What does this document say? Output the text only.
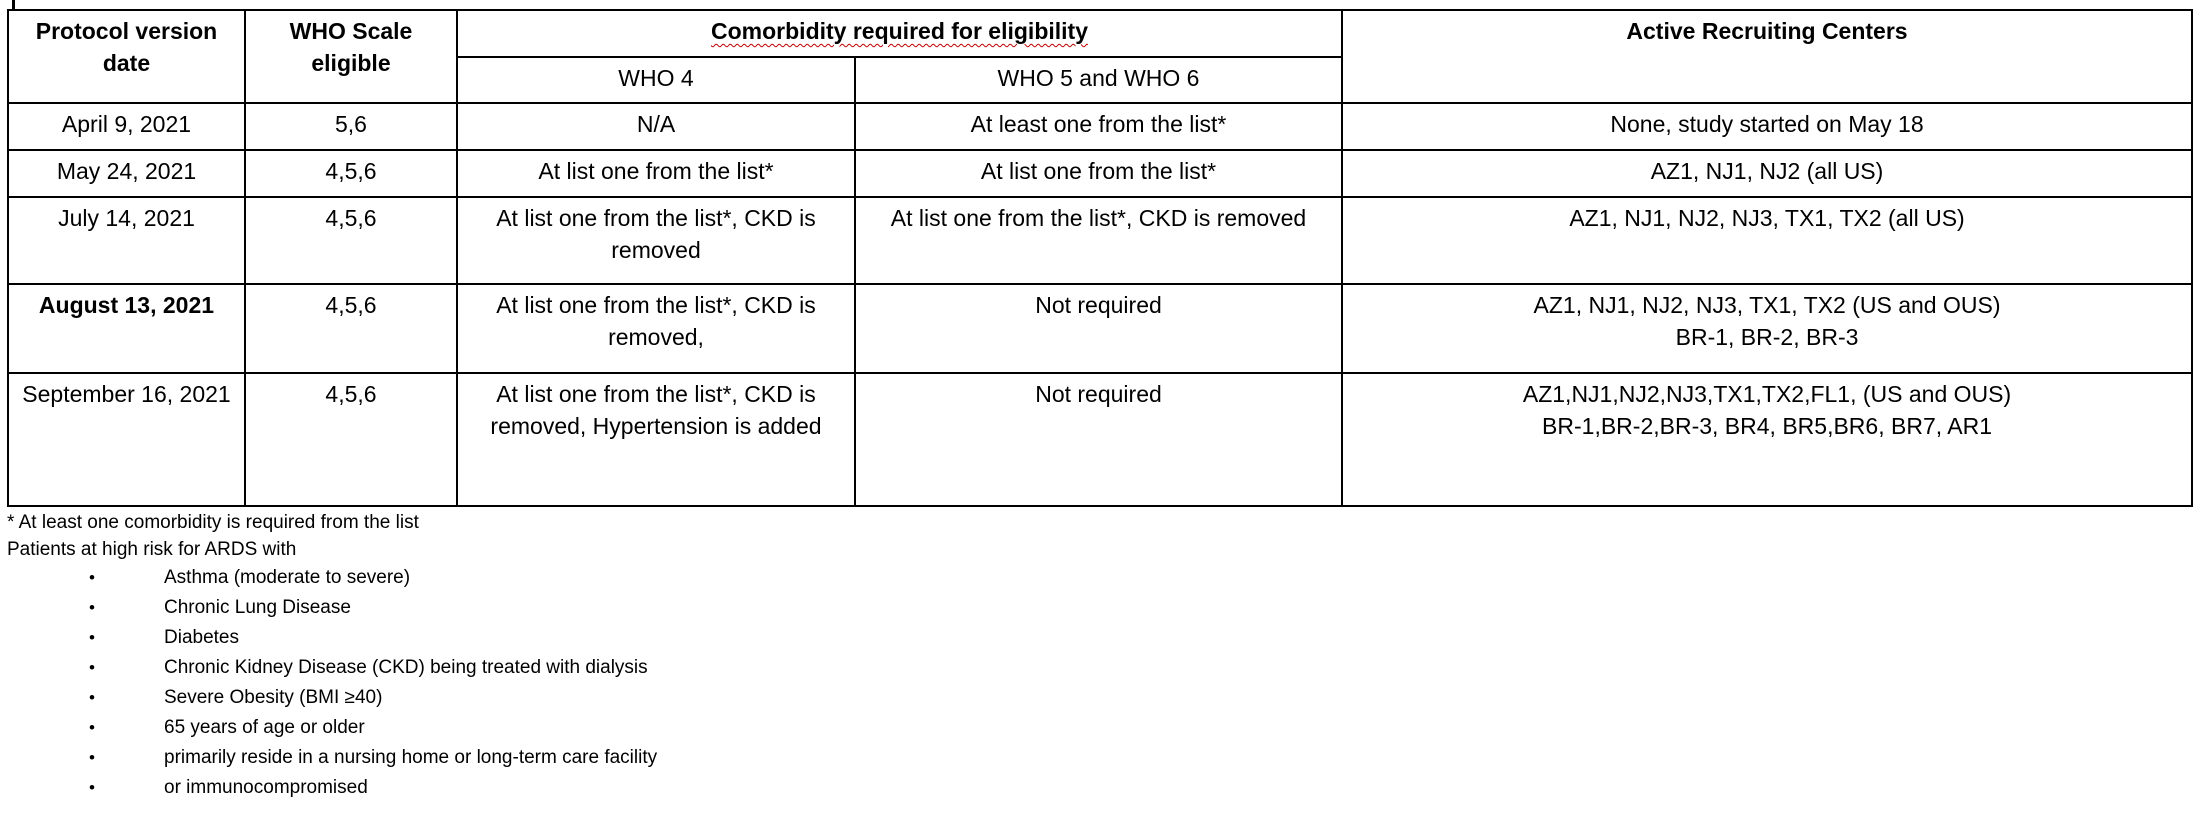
Protocol version date	WHO Scale eligible	Comorbidity required for eligibility		Active Recruiting Centers
		WHO 4	WHO 5 and WHO 6	
April 9, 2021	5,6	N/A	At least one from the list*	None, study started on May 18
May 24, 2021	4,5,6	At list one from the list*	At list one from the list*	AZ1, NJ1, NJ2 (all US)
July 14, 2021	4,5,6	At list one from the list*, CKD is removed	At list one from the list*, CKD is removed	AZ1, NJ1, NJ2, NJ3, TX1, TX2 (all US)
August 13, 2021	4,5,6	At list one from the list*, CKD is removed,	Not required	AZ1, NJ1, NJ2, NJ3, TX1, TX2 (US and OUS)
BR-1, BR-2, BR-3

September 16, 2021	4,5,6	At list one from the list*, CKD is removed, Hypertension is added	Not required	AZ1,NJ1,NJ2,NJ3,TX1,TX2,FL1, (US and OUS)
BR-1,BR-2,BR-3, BR4, BR5,BR6, BR7, AR1
* At least one comorbidity is required from the list
Patients at high risk for ARDS with
•	Asthma (moderate to severe)
•	Chronic Lung Disease
•	Diabetes
•	Chronic Kidney Disease (CKD) being treated with dialysis
•	Severe Obesity (BMI ≥40)
•	65 years of age or older
•	primarily reside in a nursing home or long-term care facility
•	or immunocompromised
